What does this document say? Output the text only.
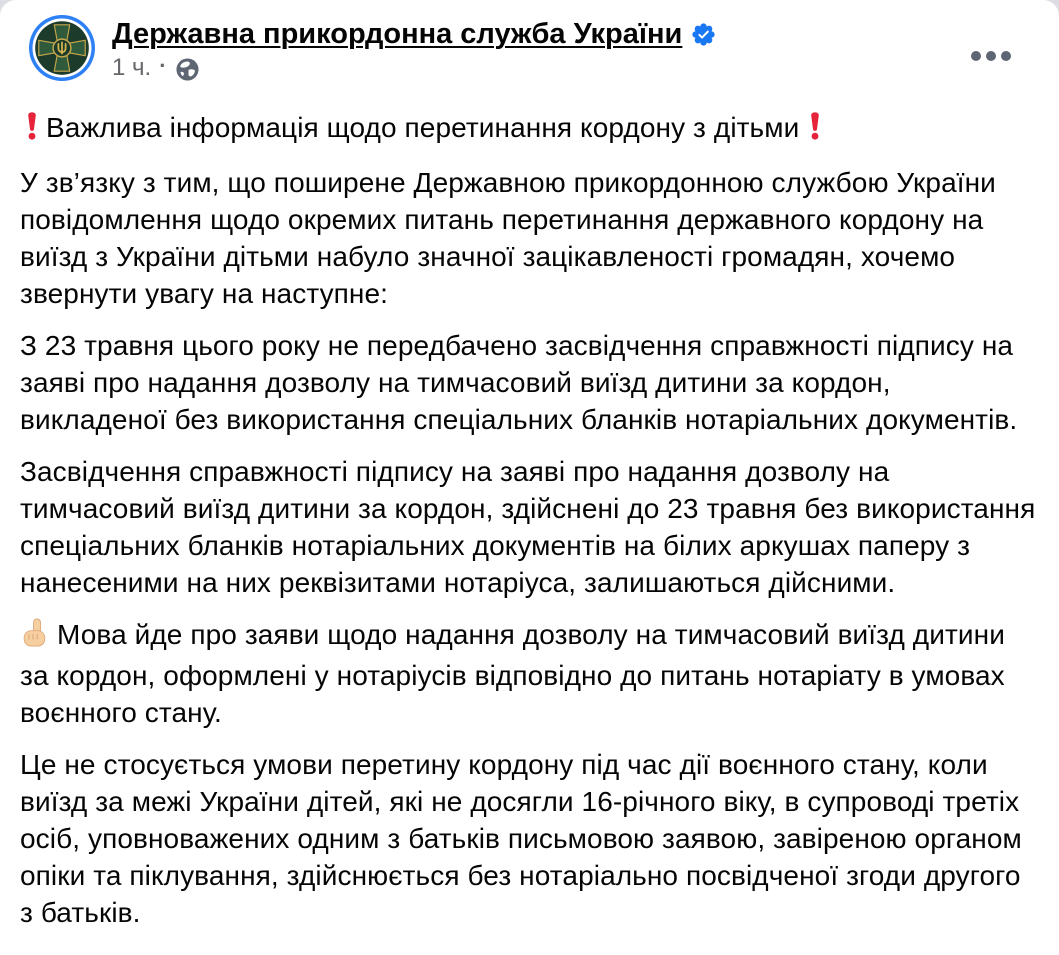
Державна прикордонна служба України
1 ч. ·

Важлива інформація щодо перетинання кордону з дітьми

У зв’язку з тим, що поширене Державною прикордонною службою України повідомлення щодо окремих питань перетинання державного кордону на виїзд з України дітьми набуло значної зацікавленості громадян, хочемо звернути увагу на наступне:

З 23 травня цього року не передбачено засвідчення справжності підпису на заяві про надання дозволу на тимчасовий виїзд дитини за кордон, викладеної без використання спеціальних бланків нотаріальних документів.

Засвідчення справжності підпису на заяві про надання дозволу на тимчасовий виїзд дитини за кордон, здійснені до 23 травня без використання спеціальних бланків нотаріальних документів на білих аркушах паперу з нанесеними на них реквізитами нотаріуса, залишаються дійсними.

Мова йде про заяви щодо надання дозволу на тимчасовий виїзд дитини за кордон, оформлені у нотаріусів відповідно до питань нотаріату в умовах воєнного стану.

Це не стосується умови перетину кордону під час дії воєнного стану, коли виїзд за межі України дітей, які не досягли 16-річного віку, в супроводі третіх осіб, уповноважених одним з батьків письмовою заявою, завіреною органом опіки та піклування, здійснюється без нотаріально посвідченої згоди другого з батьків.
